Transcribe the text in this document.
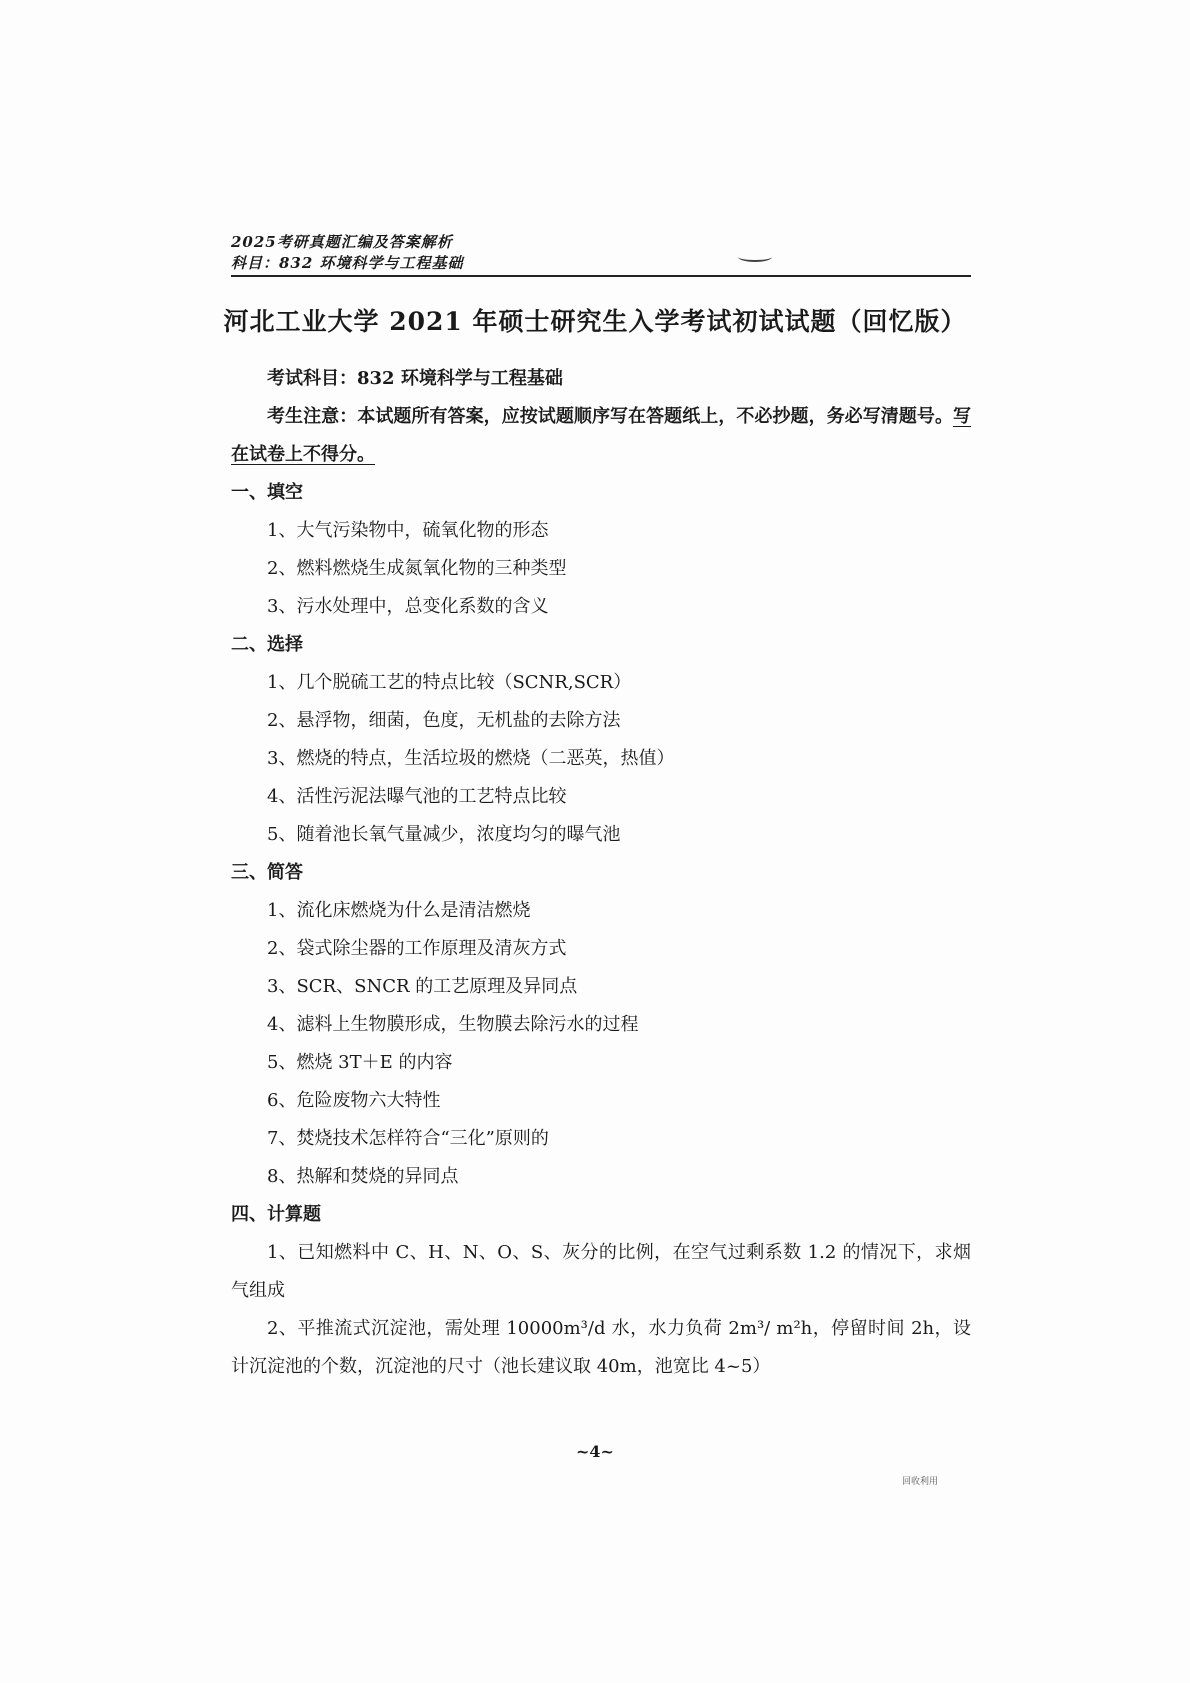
2025考研真题汇编及答案解析
科目：832 环境科学与工程基础
河北工业大学 2021 年硕士研究生入学考试初试试题（回忆版）
考试科目：832 环境科学与工程基础
考生注意：本试题所有答案，应按试题顺序写在答题纸上，不必抄题，务必写清题号。写在试卷上不得分。
一、填空
1、大气污染物中，硫氧化物的形态
2、燃料燃烧生成氮氧化物的三种类型
3、污水处理中，总变化系数的含义
二、选择
1、几个脱硫工艺的特点比较（SCNR,SCR）
2、悬浮物，细菌，色度，无机盐的去除方法
3、燃烧的特点，生活垃圾的燃烧（二恶英，热值）
4、活性污泥法曝气池的工艺特点比较
5、随着池长氧气量减少，浓度均匀的曝气池
三、简答
1、流化床燃烧为什么是清洁燃烧
2、袋式除尘器的工作原理及清灰方式
3、SCR、SNCR 的工艺原理及异同点
4、滤料上生物膜形成，生物膜去除污水的过程
5、燃烧 3T＋E 的内容
6、危险废物六大特性
7、焚烧技术怎样符合“三化”原则的
8、热解和焚烧的异同点
四、计算题
1、已知燃料中 C、H、N、O、S、灰分的比例，在空气过剩系数 1.2 的情况下，求烟气组成
2、平推流式沉淀池，需处理 10000m³/d 水，水力负荷 2m³/ m²h，停留时间 2h，设计沉淀池的个数，沉淀池的尺寸（池长建议取 40m，池宽比 4~5）
~4~
回收利用
